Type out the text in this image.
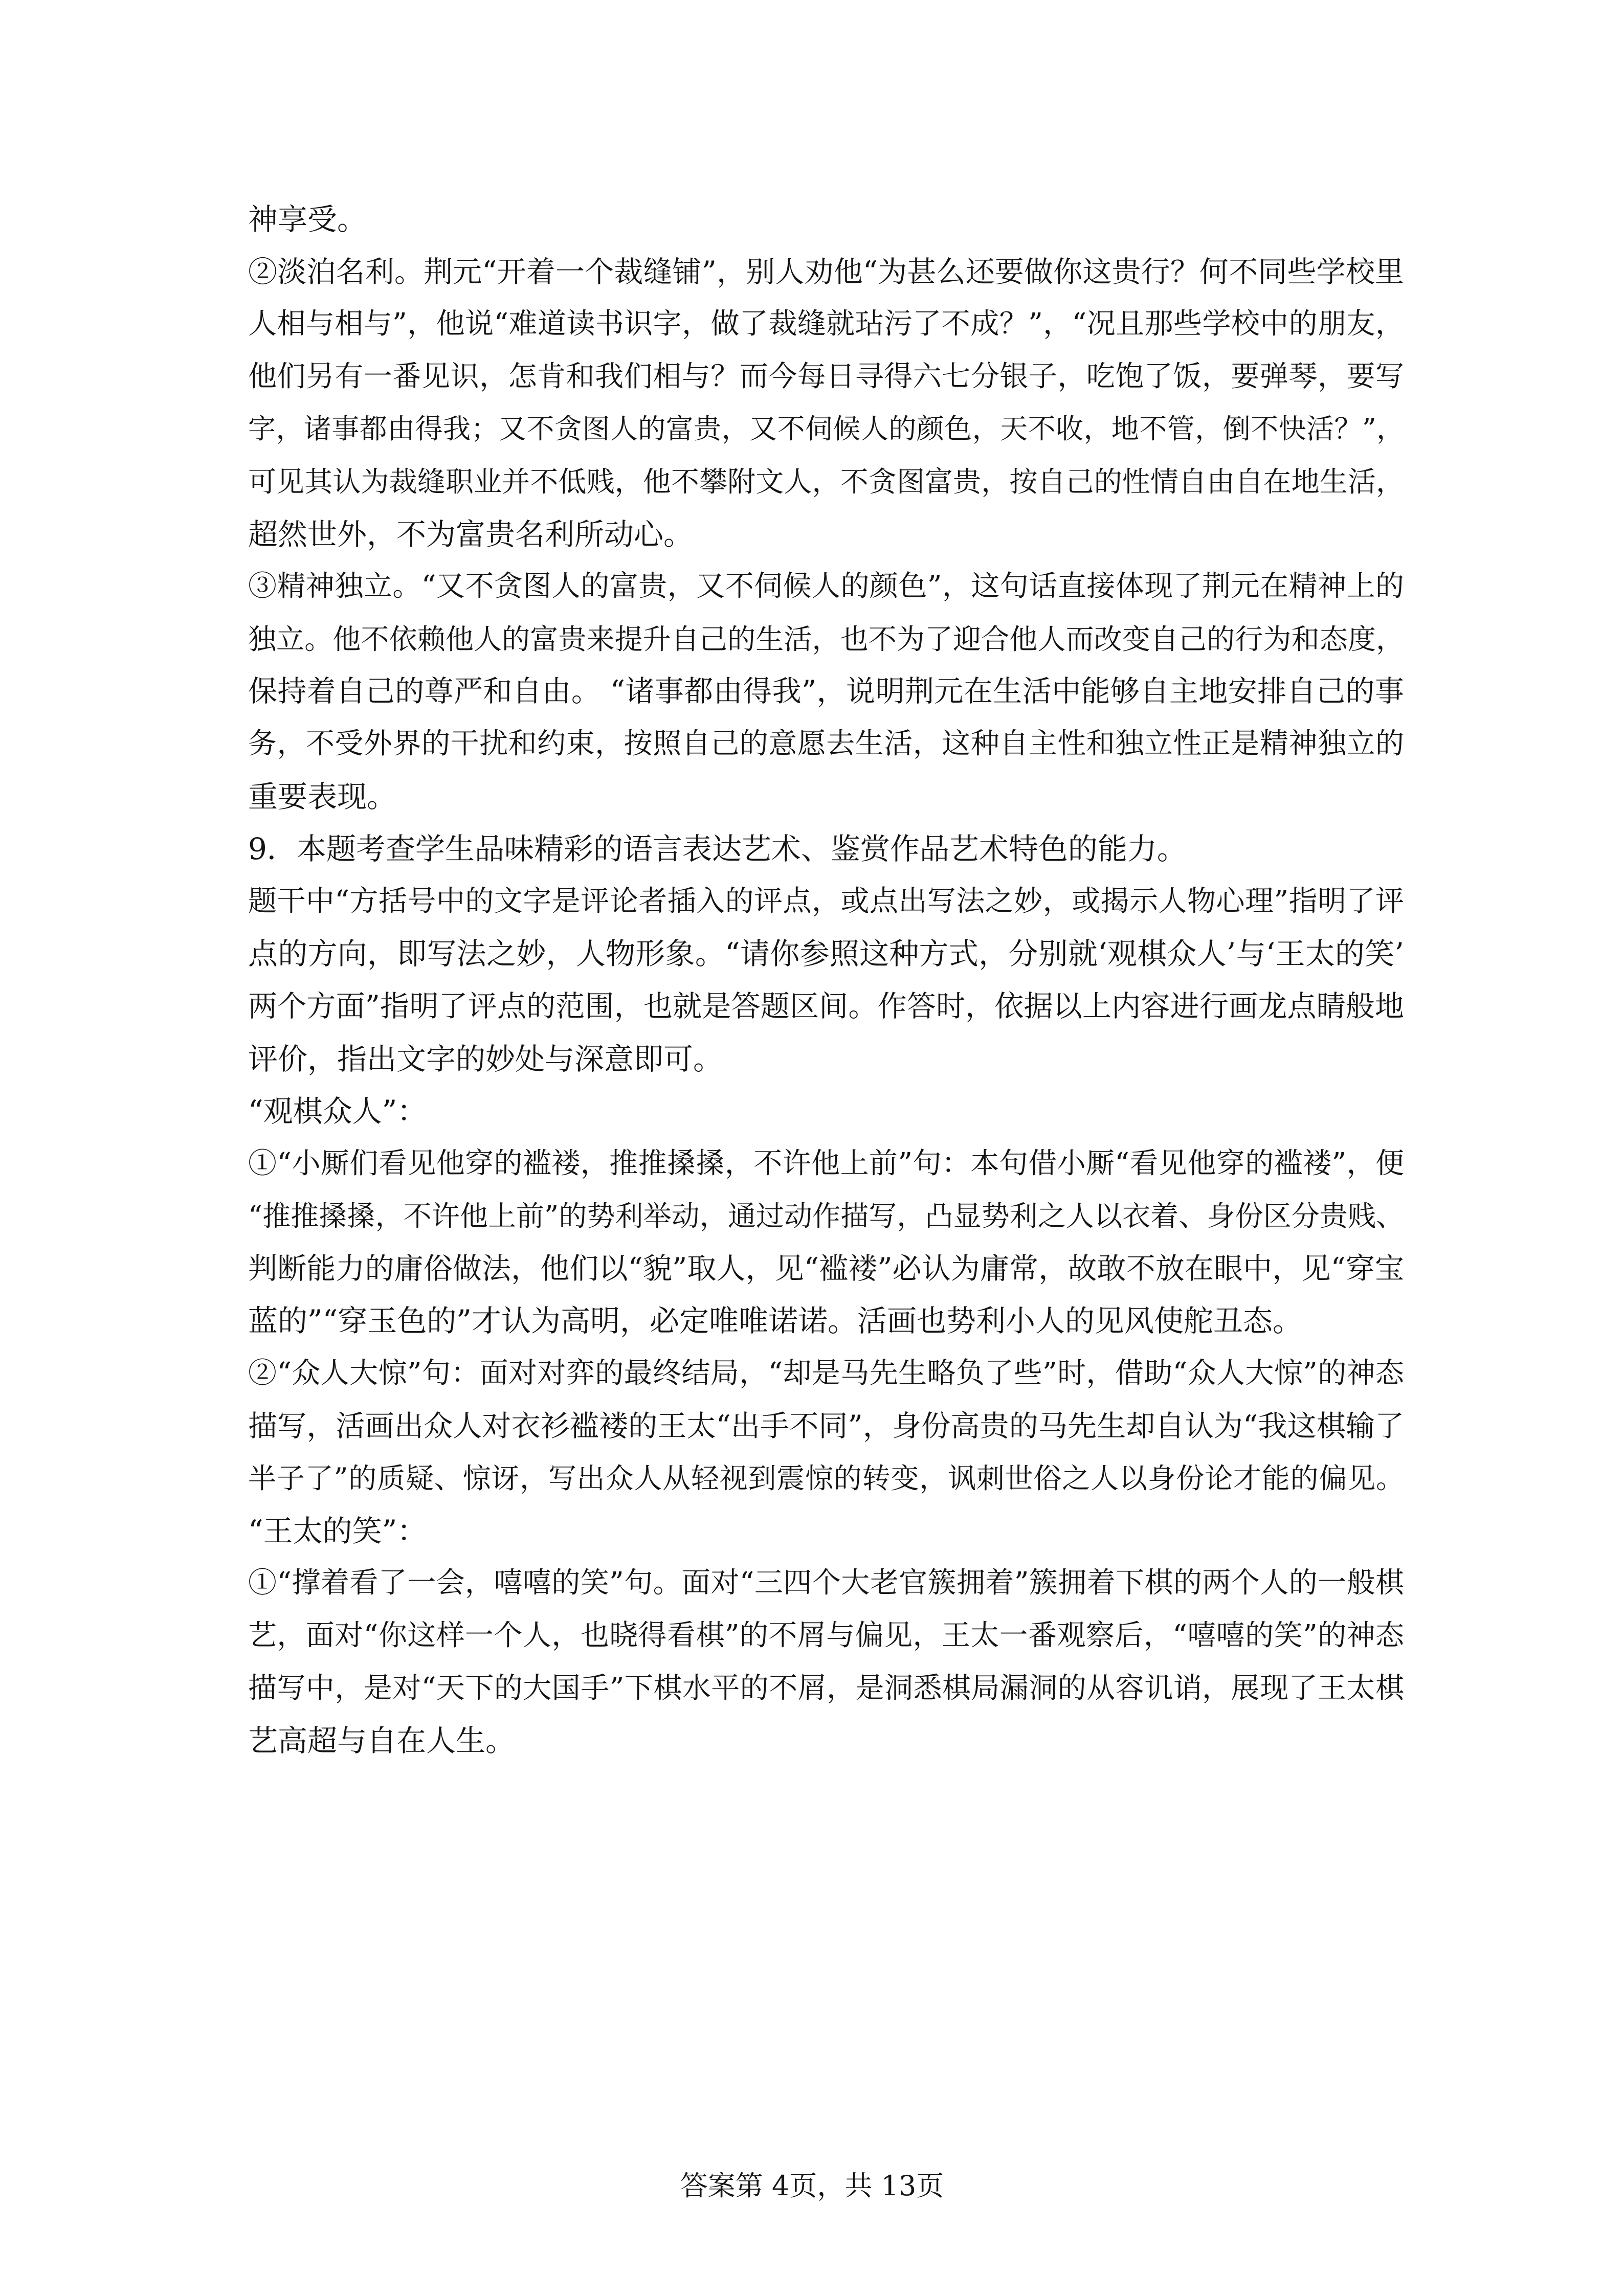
神享受。
②淡泊名利。荆元“开着一个裁缝铺”，别人劝他“为甚么还要做你这贵行？何不同些学校里
人相与相与”，他说“难道读书识字，做了裁缝就玷污了不成？”，“况且那些学校中的朋友，
他们另有一番见识，怎肯和我们相与？而今每日寻得六七分银子，吃饱了饭，要弹琴，要写
字，诸事都由得我；又不贪图人的富贵，又不伺候人的颜色，天不收，地不管，倒不快活？”，
可见其认为裁缝职业并不低贱，他不攀附文人，不贪图富贵，按自己的性情自由自在地生活，
超然世外，不为富贵名利所动心。
③精神独立。“又不贪图人的富贵，又不伺候人的颜色”，这句话直接体现了荆元在精神上的
独立。他不依赖他人的富贵来提升自己的生活，也不为了迎合他人而改变自己的行为和态度，
保持着自己的尊严和自由。 “诸事都由得我”，说明荆元在生活中能够自主地安排自己的事
务，不受外界的干扰和约束，按照自己的意愿去生活，这种自主性和独立性正是精神独立的
重要表现。
9．本题考查学生品味精彩的语言表达艺术、鉴赏作品艺术特色的能力。
题干中“方括号中的文字是评论者插入的评点，或点出写法之妙，或揭示人物心理”指明了评
点的方向，即写法之妙，人物形象。“请你参照这种方式，分别就‘观棋众人’与‘王太的笑’
两个方面”指明了评点的范围，也就是答题区间。作答时，依据以上内容进行画龙点睛般地
评价，指出文字的妙处与深意即可。
“观棋众人”：
①“小厮们看见他穿的褴褛，推推搡搡，不许他上前”句：本句借小厮“看见他穿的褴褛”，便
“推推搡搡，不许他上前”的势利举动，通过动作描写，凸显势利之人以衣着、身份区分贵贱、
判断能力的庸俗做法，他们以“貌”取人，见“褴褛”必认为庸常，故敢不放在眼中，见“穿宝
蓝的”“穿玉色的”才认为高明，必定唯唯诺诺。活画也势利小人的见风使舵丑态。
②“众人大惊”句：面对对弈的最终结局，“却是马先生略负了些”时，借助“众人大惊”的神态
描写，活画出众人对衣衫褴褛的王太“出手不同”，身份高贵的马先生却自认为“我这棋输了
半子了”的质疑、惊讶，写出众人从轻视到震惊的转变，讽刺世俗之人以身份论才能的偏见。
“王太的笑”：
①“撑着看了一会，嘻嘻的笑”句。面对“三四个大老官簇拥着”簇拥着下棋的两个人的一般棋
艺，面对“你这样一个人，也晓得看棋”的不屑与偏见，王太一番观察后，“嘻嘻的笑”的神态
描写中，是对“天下的大国手”下棋水平的不屑，是洞悉棋局漏洞的从容讥诮，展现了王太棋
艺高超与自在人生。
答案第 4页，共 13页
